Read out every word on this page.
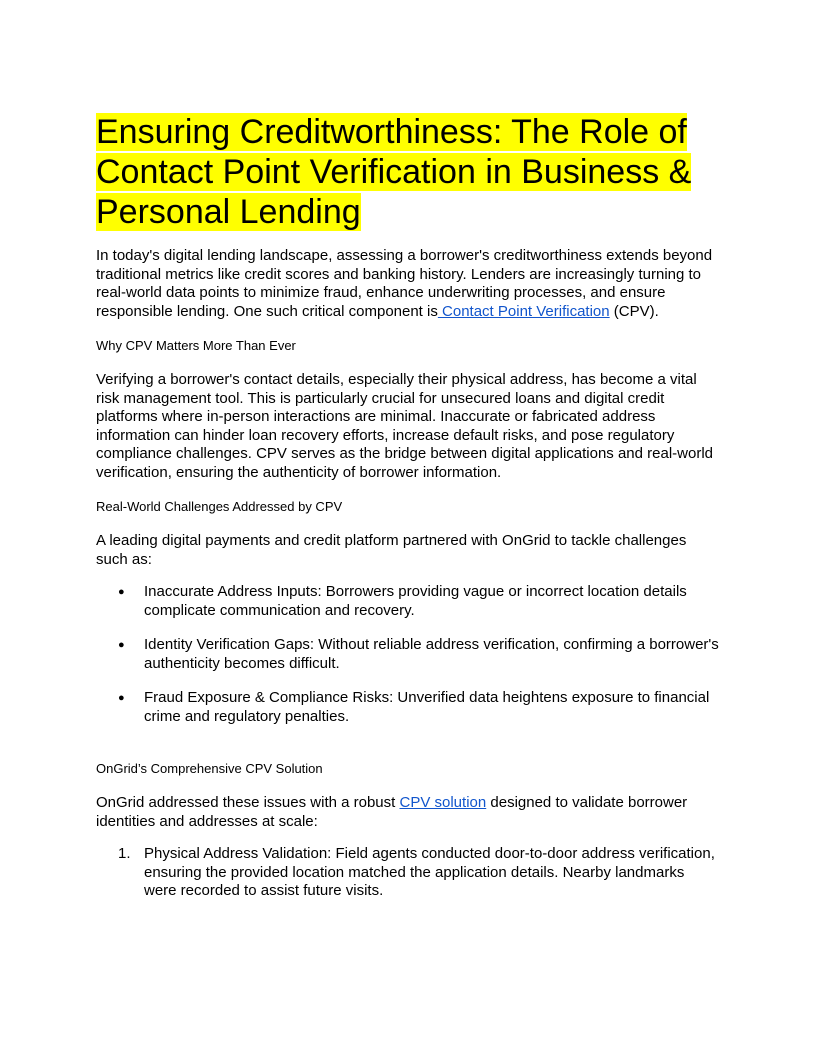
Ensuring Creditworthiness: The Role of Contact Point Verification in Business & Personal Lending

In today's digital lending landscape, assessing a borrower's creditworthiness extends beyond traditional metrics like credit scores and banking history. Lenders are increasingly turning to real-world data points to minimize fraud, enhance underwriting processes, and ensure responsible lending. One such critical component is Contact Point Verification (CPV).

Why CPV Matters More Than Ever

Verifying a borrower's contact details, especially their physical address, has become a vital risk management tool. This is particularly crucial for unsecured loans and digital credit platforms where in-person interactions are minimal. Inaccurate or fabricated address information can hinder loan recovery efforts, increase default risks, and pose regulatory compliance challenges. CPV serves as the bridge between digital applications and real-world verification, ensuring the authenticity of borrower information.

Real-World Challenges Addressed by CPV

A leading digital payments and credit platform partnered with OnGrid to tackle challenges such as:

● Inaccurate Address Inputs: Borrowers providing vague or incorrect location details complicate communication and recovery.
● Identity Verification Gaps: Without reliable address verification, confirming a borrower's authenticity becomes difficult.
● Fraud Exposure & Compliance Risks: Unverified data heightens exposure to financial crime and regulatory penalties.
OnGrid’s Comprehensive CPV Solution

OnGrid addressed these issues with a robust CPV solution designed to validate borrower identities and addresses at scale:

1. Physical Address Validation: Field agents conducted door-to-door address verification, ensuring the provided location matched the application details. Nearby landmarks were recorded to assist future visits.
